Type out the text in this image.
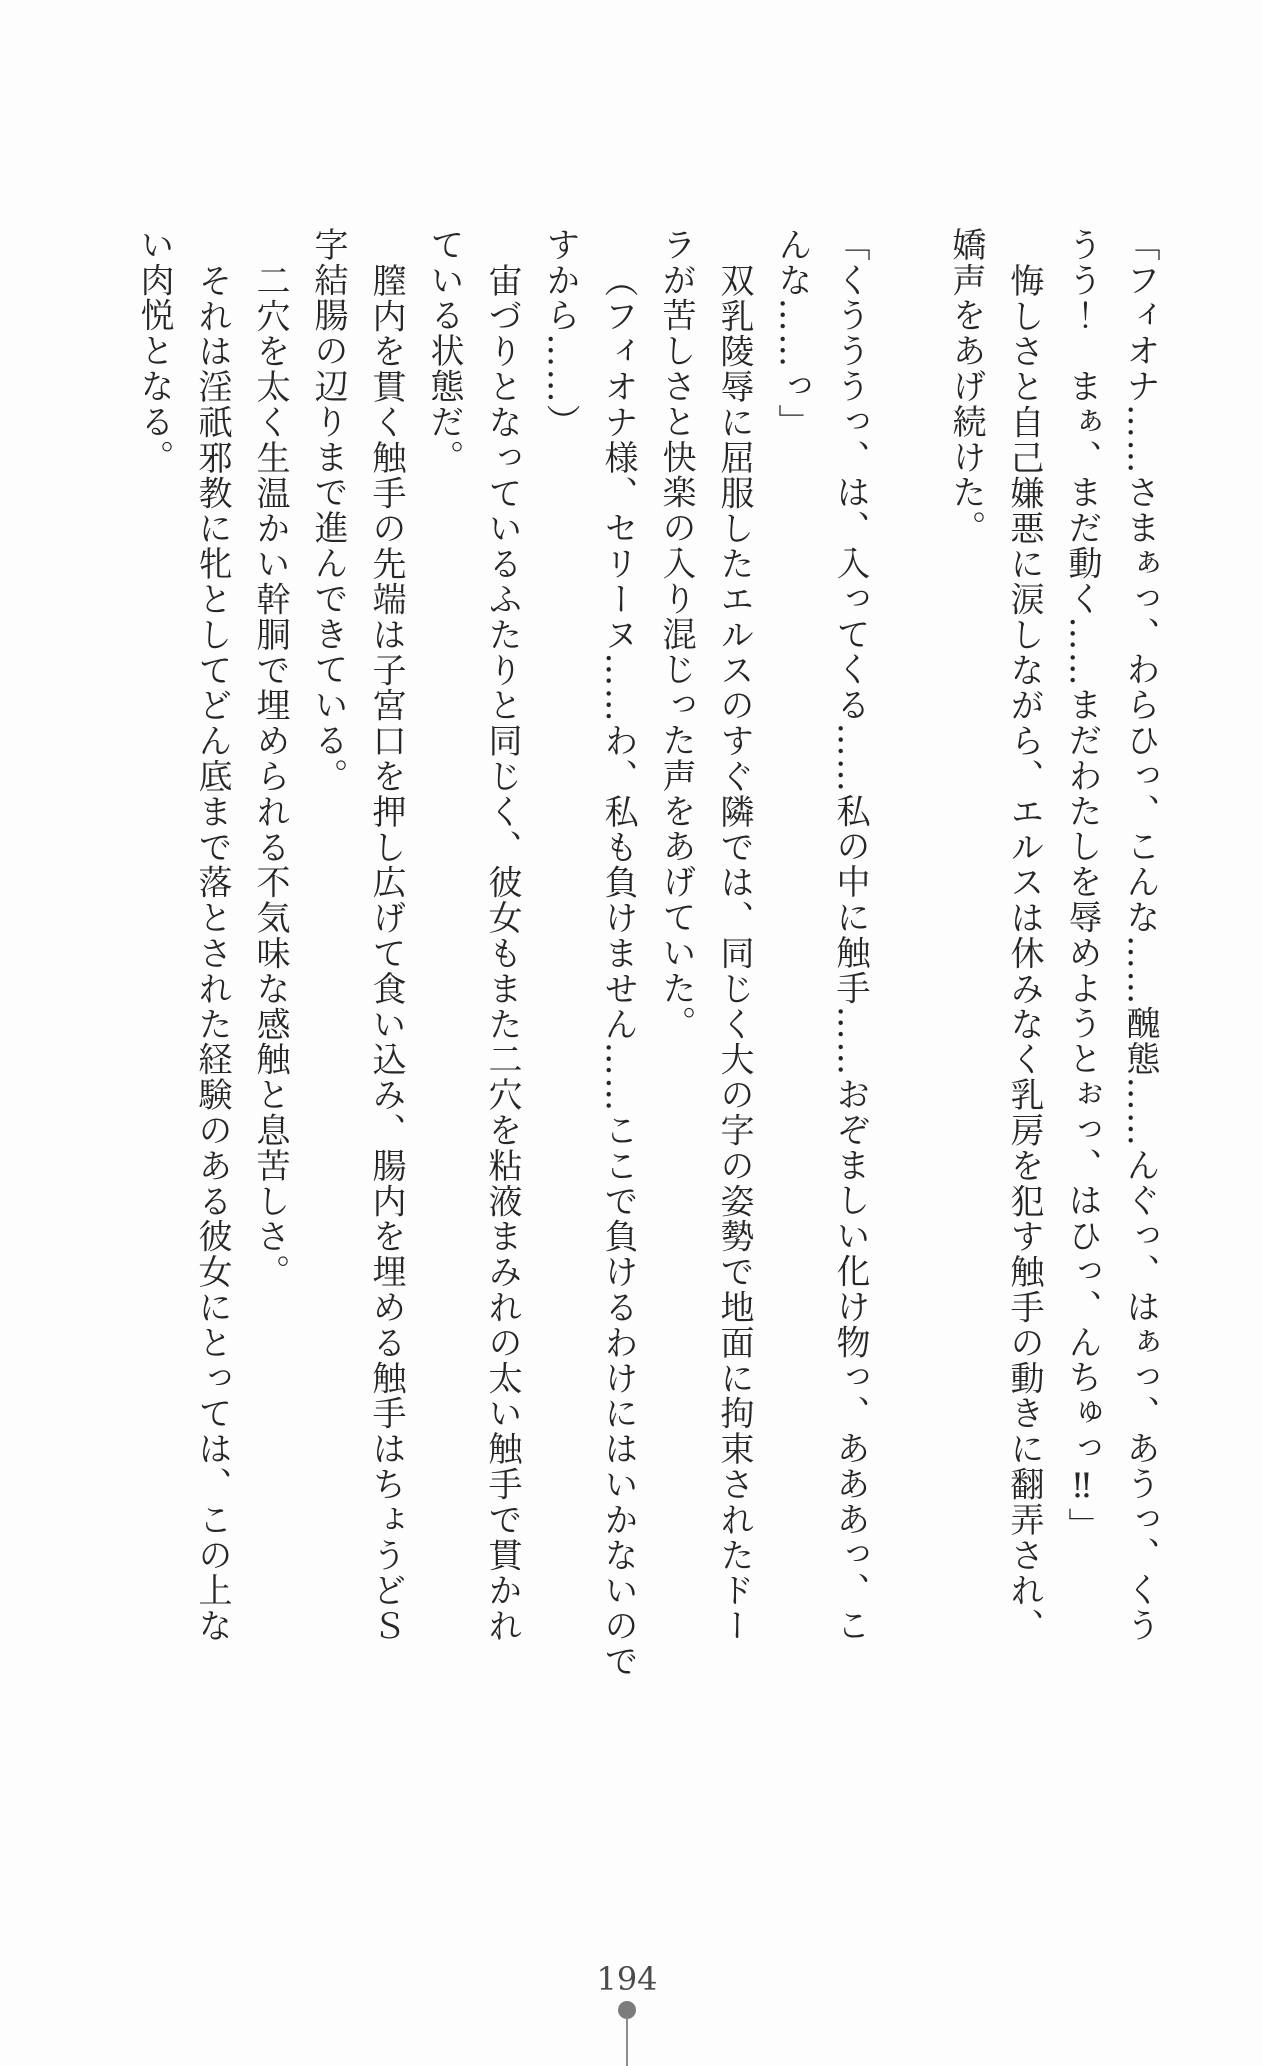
「フィオナ……さまぁっ、わらひっ、こんな……醜態……んぐっ、はぁっ、あうっ、くう
うう！　まぁ、まだ動く……まだわたしを辱めようとぉっ、はひっ、んちゅっ‼」
悔しさと自己嫌悪に涙しながら、エルスは休みなく乳房を犯す触手の動きに翻弄され、
嬌声をあげ続けた。

「くうううっ、は、入ってくる……私の中に触手……おぞましい化け物っ、あああっ、こ
んな……っ」
双乳陵辱に屈服したエルスのすぐ隣では、同じく大の字の姿勢で地面に拘束されたドー
ラが苦しさと快楽の入り混じった声をあげていた。
（フィオナ様、セリーヌ……わ、私も負けません……ここで負けるわけにはいかないので
すから……）
宙づりとなっているふたりと同じく、彼女もまた二穴を粘液まみれの太い触手で貫かれ
ている状態だ。
膣内を貫く触手の先端は子宮口を押し広げて食い込み、腸内を埋める触手はちょうどＳ
字結腸の辺りまで進んできている。
二穴を太く生温かい幹胴で埋められる不気味な感触と息苦しさ。
それは淫祇邪教に牝としてどん底まで落とされた経験のある彼女にとっては、この上な
い肉悦となる。
194
